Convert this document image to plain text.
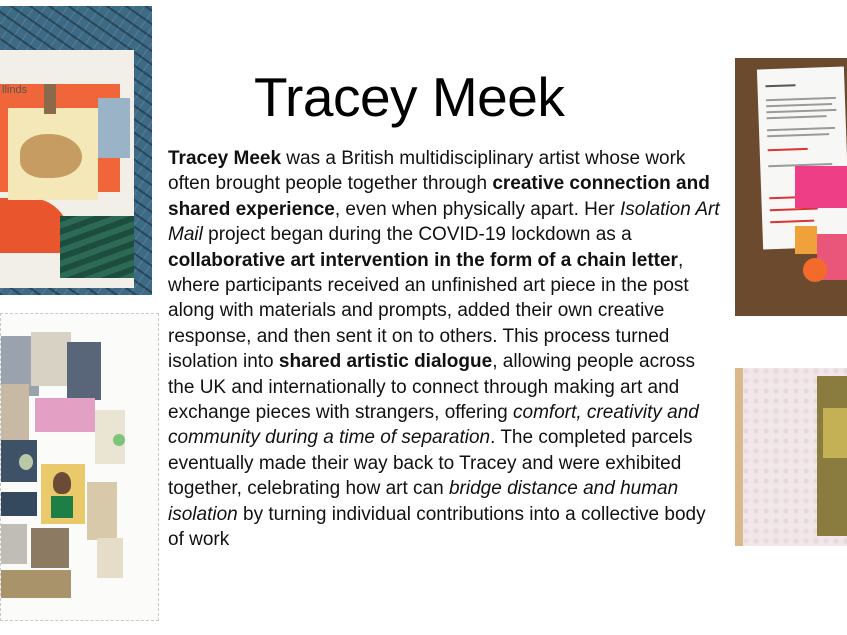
llinds	Tracey Meek
Tracey Meek was a British multidisciplinary artist whose work often brought people together through creative connection and shared experience, even when physically apart. Her Isolation Art Mail project began during the COVID-19 lockdown as a collaborative art intervention in the form of a chain letter, where participants received an unfinished art piece in the post along with materials and prompts, added their own creative response, and then sent it on to others. This process turned isolation into shared artistic dialogue, allowing people across the UK and internationally to connect through making art and exchange pieces with strangers, offering comfort, creativity and community during a time of separation. The completed parcels eventually made their way back to Tracey and were exhibited together, celebrating how art can bridge distance and human isolation by turning individual contributions into a collective body of work
